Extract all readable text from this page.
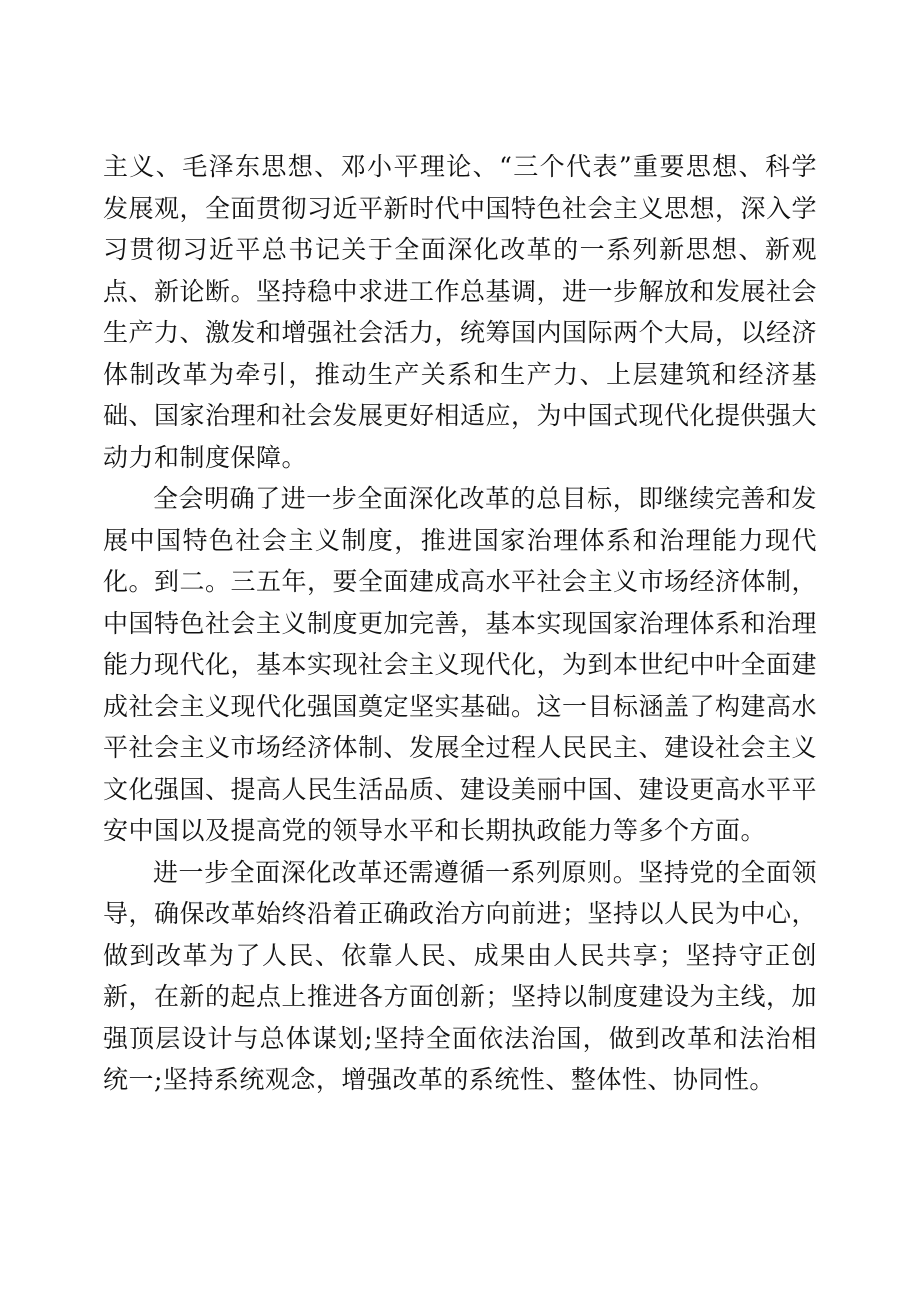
主义、毛泽东思想、邓小平理论、“三个代表”重要思想、科学发展观，全面贯彻习近平新时代中国特色社会主义思想，深入学习贯彻习近平总书记关于全面深化改革的一系列新思想、新观点、新论断。坚持稳中求进工作总基调，进一步解放和发展社会生产力、激发和增强社会活力，统筹国内国际两个大局，以经济体制改革为牵引，推动生产关系和生产力、上层建筑和经济基础、国家治理和社会发展更好相适应，为中国式现代化提供强大动力和制度保障。

全会明确了进一步全面深化改革的总目标，即继续完善和发展中国特色社会主义制度，推进国家治理体系和治理能力现代化。到二。三五年，要全面建成高水平社会主义市场经济体制，中国特色社会主义制度更加完善，基本实现国家治理体系和治理能力现代化，基本实现社会主义现代化，为到本世纪中叶全面建成社会主义现代化强国奠定坚实基础。这一目标涵盖了构建高水平社会主义市场经济体制、发展全过程人民民主、建设社会主义文化强国、提高人民生活品质、建设美丽中国、建设更高水平平安中国以及提高党的领导水平和长期执政能力等多个方面。

进一步全面深化改革还需遵循一系列原则。坚持党的全面领导，确保改革始终沿着正确政治方向前进；坚持以人民为中心，做到改革为了人民、依靠人民、成果由人民共享；坚持守正创新，在新的起点上推进各方面创新；坚持以制度建设为主线，加强顶层设计与总体谋划;坚持全面依法治国，做到改革和法治相统一;坚持系统观念，增强改革的系统性、整体性、协同性。
